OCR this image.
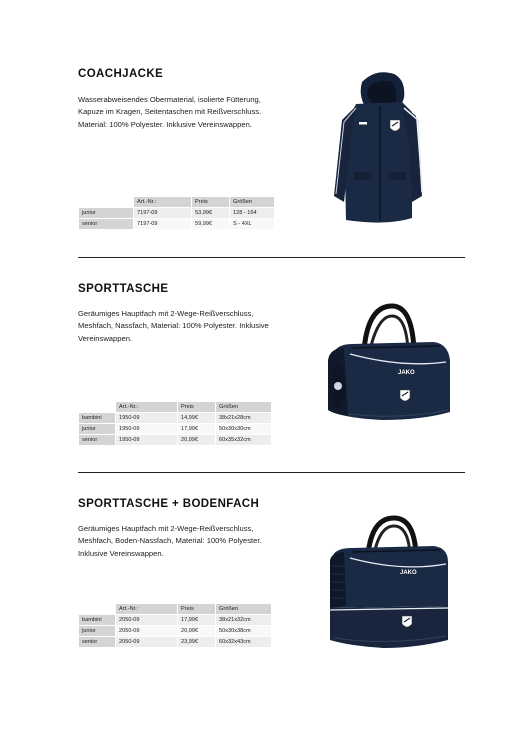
COACHJACKE
Wasserabweisendes Obermaterial, isolierte Fütterung, Kapuze im Kragen, Seitentaschen mit Reißverschluss. Material: 100% Polyester. Inklusive Vereinswappen.
	Art.-Nr.:	Preis	Größen
junior	7197-09	53,99€	128 - 164
senior	7197-09	59,99€	S - 4XL
SPORTTASCHE
Geräumiges Hauptfach mit 2-Wege-Reißverschluss, Meshfach, Nassfach, Material: 100% Polyester. Inklusive Vereinswappen.
	Art.-Nr.:	Preis	Größen
bambini	1950-09	14,99€	38x21x28cm
junior	1950-09	17,99€	50x30x30cm
senior	1950-09	20,99€	60x35x32cm
JAKO
SPORTTASCHE + BODENFACH
Geräumiges Hauptfach mit 2-Wege-Reißverschluss, Meshfach, Boden-Nassfach, Material: 100% Polyester. Inklusive Vereinswappen.
	Art.-Nr.:	Preis	Größen
bambini	2050-09	17,99€	38x21x32cm
junior	2050-09	20,99€	50x30x38cm
senior	2050-09	23,99€	60x32x43cm
JAKO
